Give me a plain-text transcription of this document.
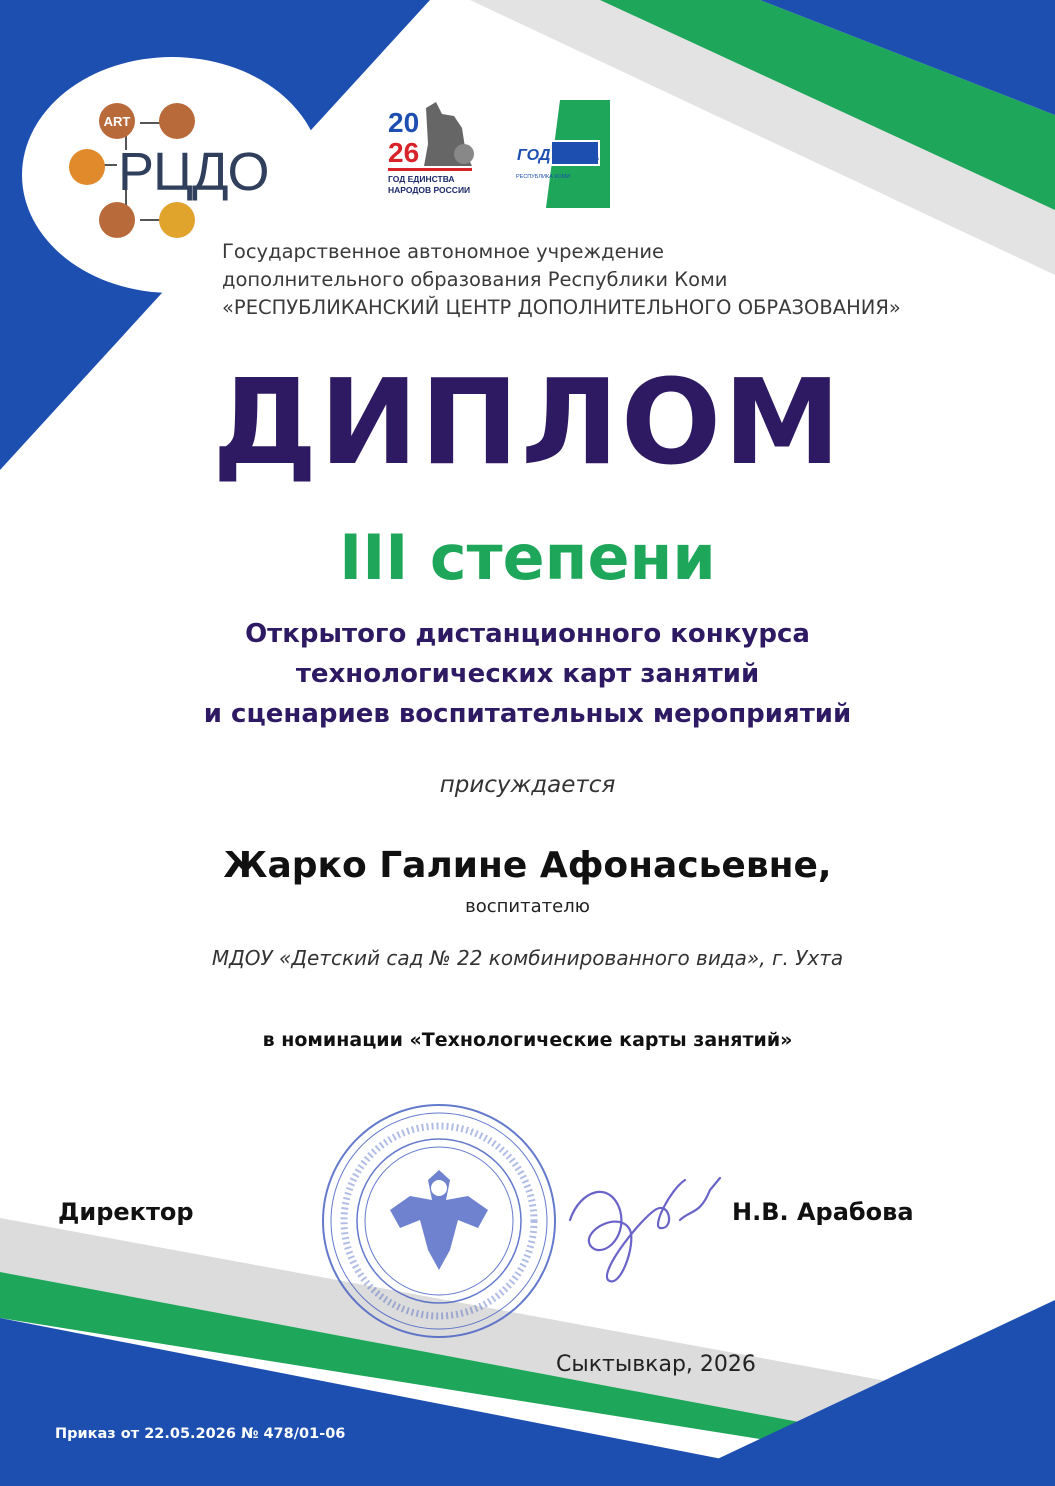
ART
РЦДО
20
26
ГОД ЕДИНСТВА
НАРОДОВ РОССИИ
ГОД СЕЛА
РЕСПУБЛИКА КОМИ
Государственное автономное учреждение
дополнительного образования Республики Коми
«РЕСПУБЛИКАНСКИЙ ЦЕНТР ДОПОЛНИТЕЛЬНОГО ОБРАЗОВАНИЯ»
ДИПЛОМ
III степени
Открытого дистанционного конкурса
технологических карт занятий
и сценариев воспитательных мероприятий
присуждается
Жарко Галине Афонасьевне,
воспитателю
МДОУ «Детский сад № 22 комбинированного вида», г. Ухта
в номинации «Технологические карты занятий»
Директор	Н.В. Арабова
Сыктывкар, 2026
Приказ от 22.05.2026 № 478/01-06
